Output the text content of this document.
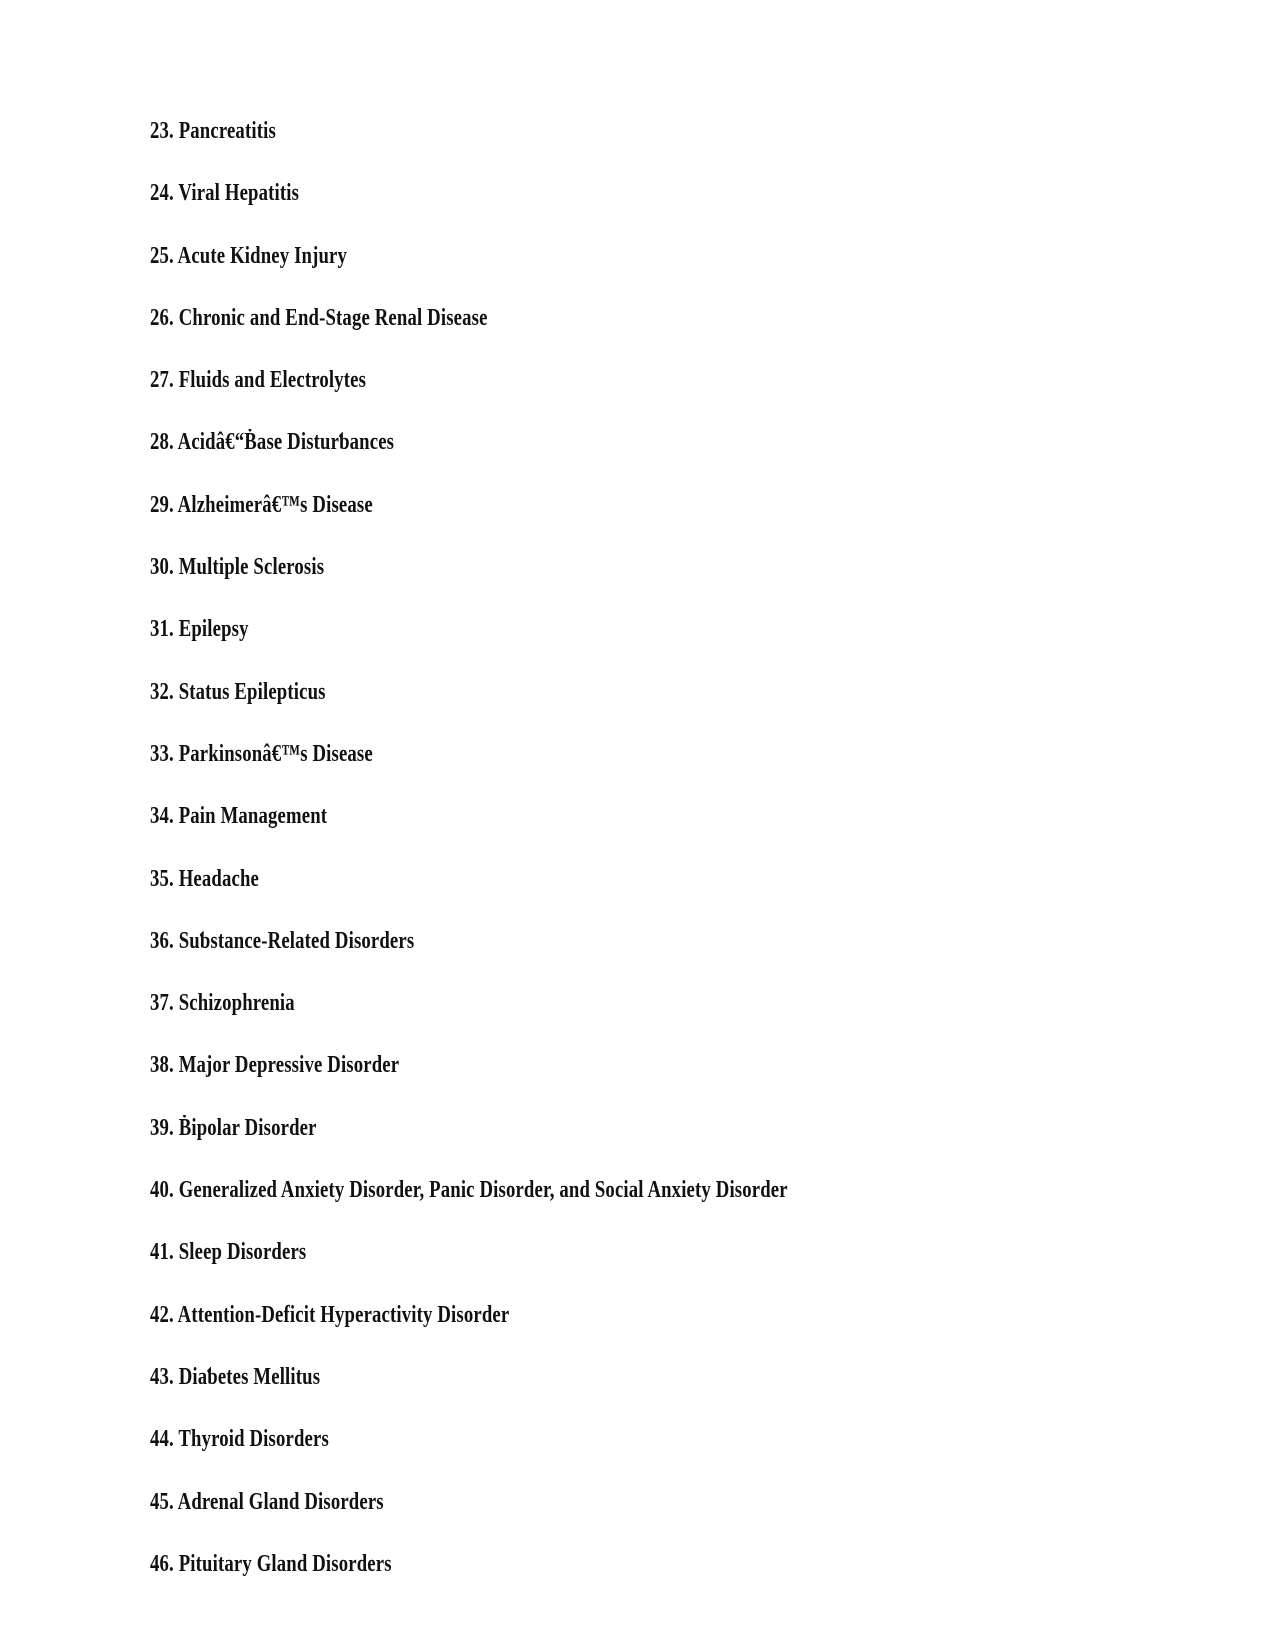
23. Pancreatitis
24. Viral Hepatitis
25. Acute Kidney Injury
26. Chronic and End-Stage Renal Disease
27. Fluids and Electrolytes
28. Acidâ€“Ḃase Disturƅances
29. Alzheimerâ€™s Disease
30. Multiple Sclerosis
31. Epilepsy
32. Status Epilepticus
33. Parkinsonâ€™s Disease
34. Pain Management
35. Headache
36. Suƅstance-Related Disorders
37. Schizophrenia
38. Major Depressive Disorder
39. Ḃipolar Disorder
40. Generalized Anxiety Disorder, Panic Disorder, and Social Anxiety Disorder
41. Sleep Disorders
42. Attention-Deficit Hyperactivity Disorder
43. Diaƅetes Mellitus
44. Thyroid Disorders
45. Adrenal Gland Disorders
46. Pituitary Gland Disorders
